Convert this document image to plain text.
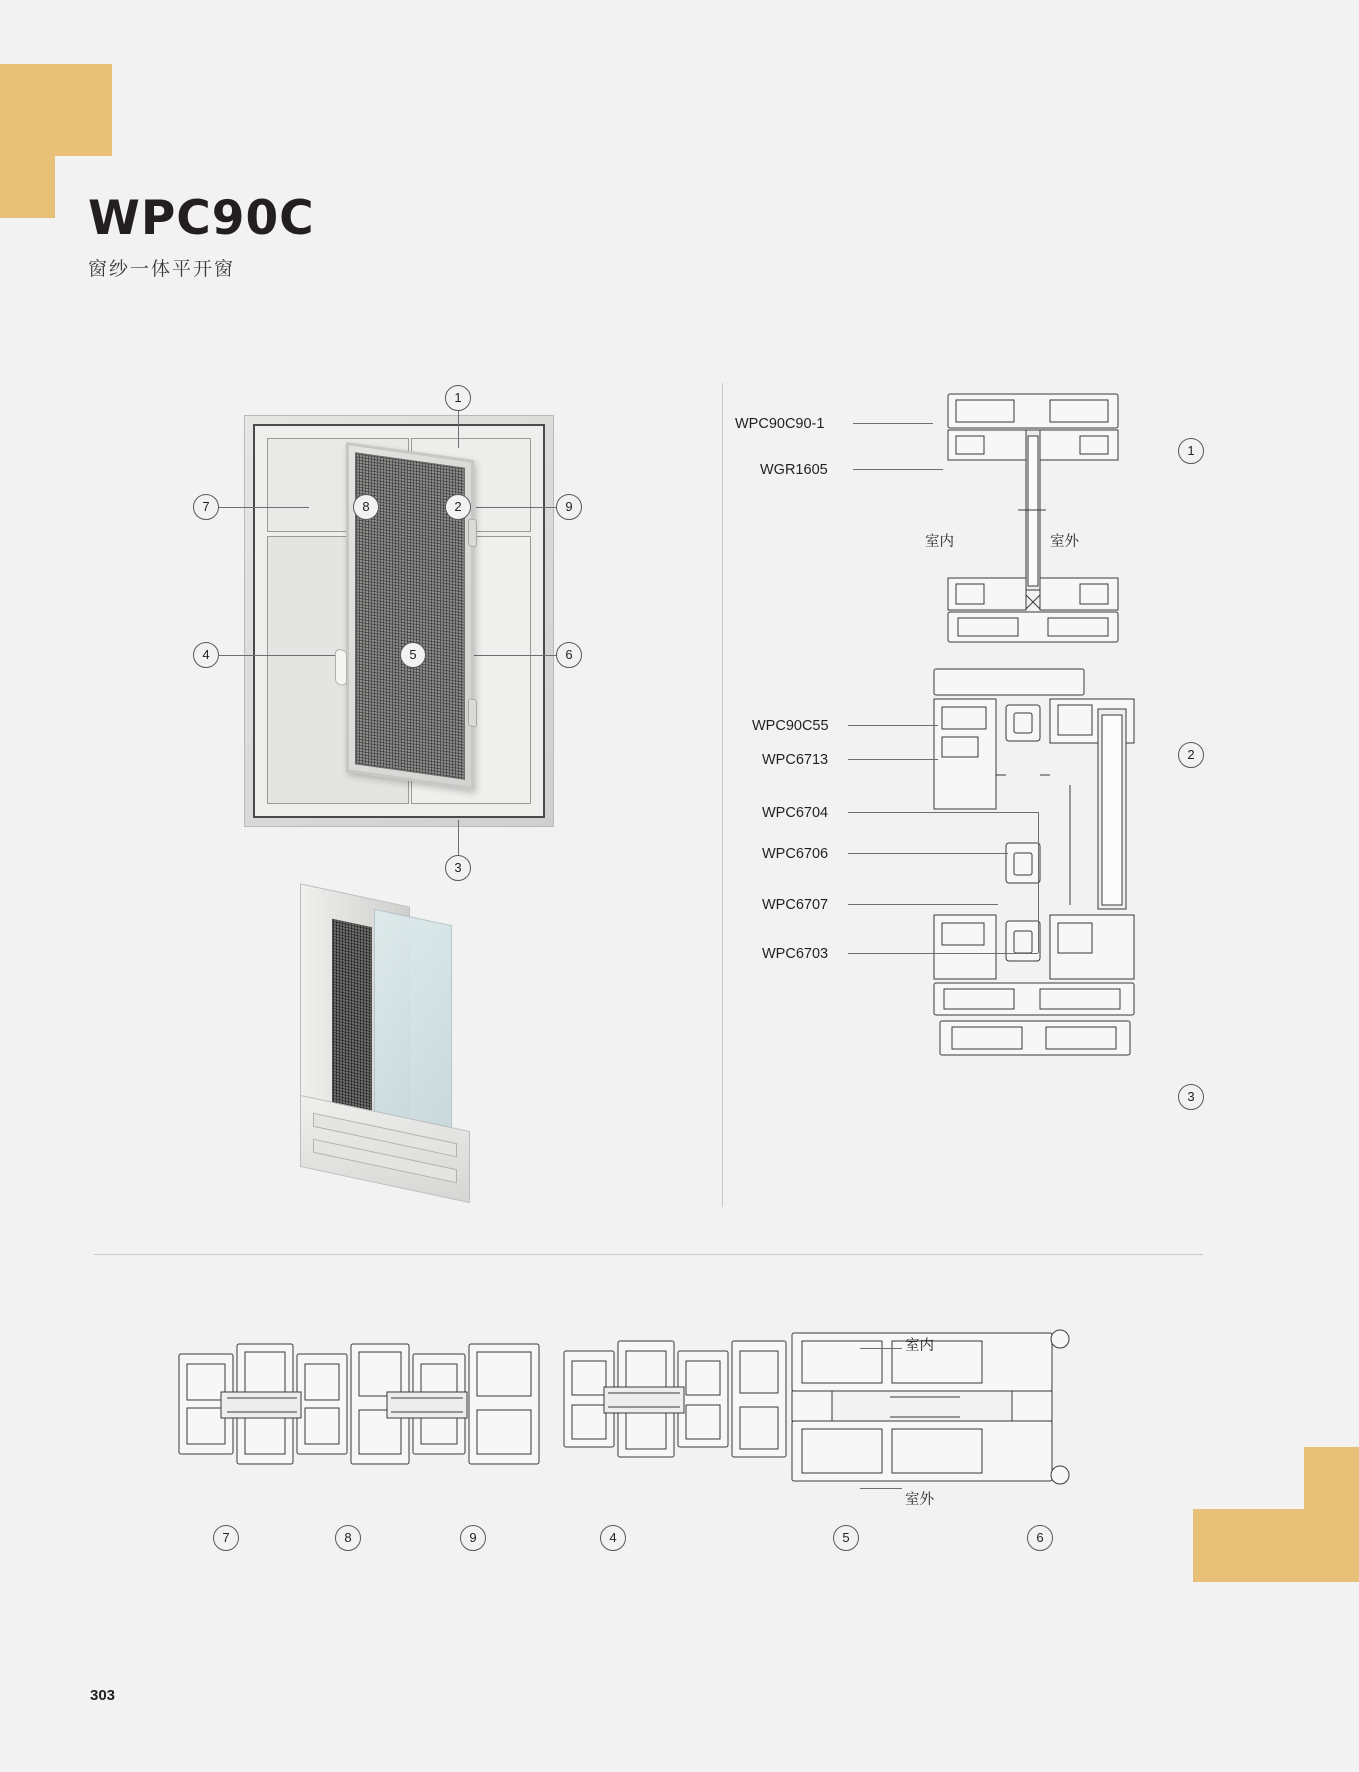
WPC90C
窗纱一体平开窗
1
7	8	2	9
4	5	6
3
WPC90C90-1
WGR1605
室内	室外
WPC90C55
WPC6713
WPC6704
WPC6706
WPC6707
WPC6703
1
2
3
室内
室外
7	8	9	4	5	6
303
